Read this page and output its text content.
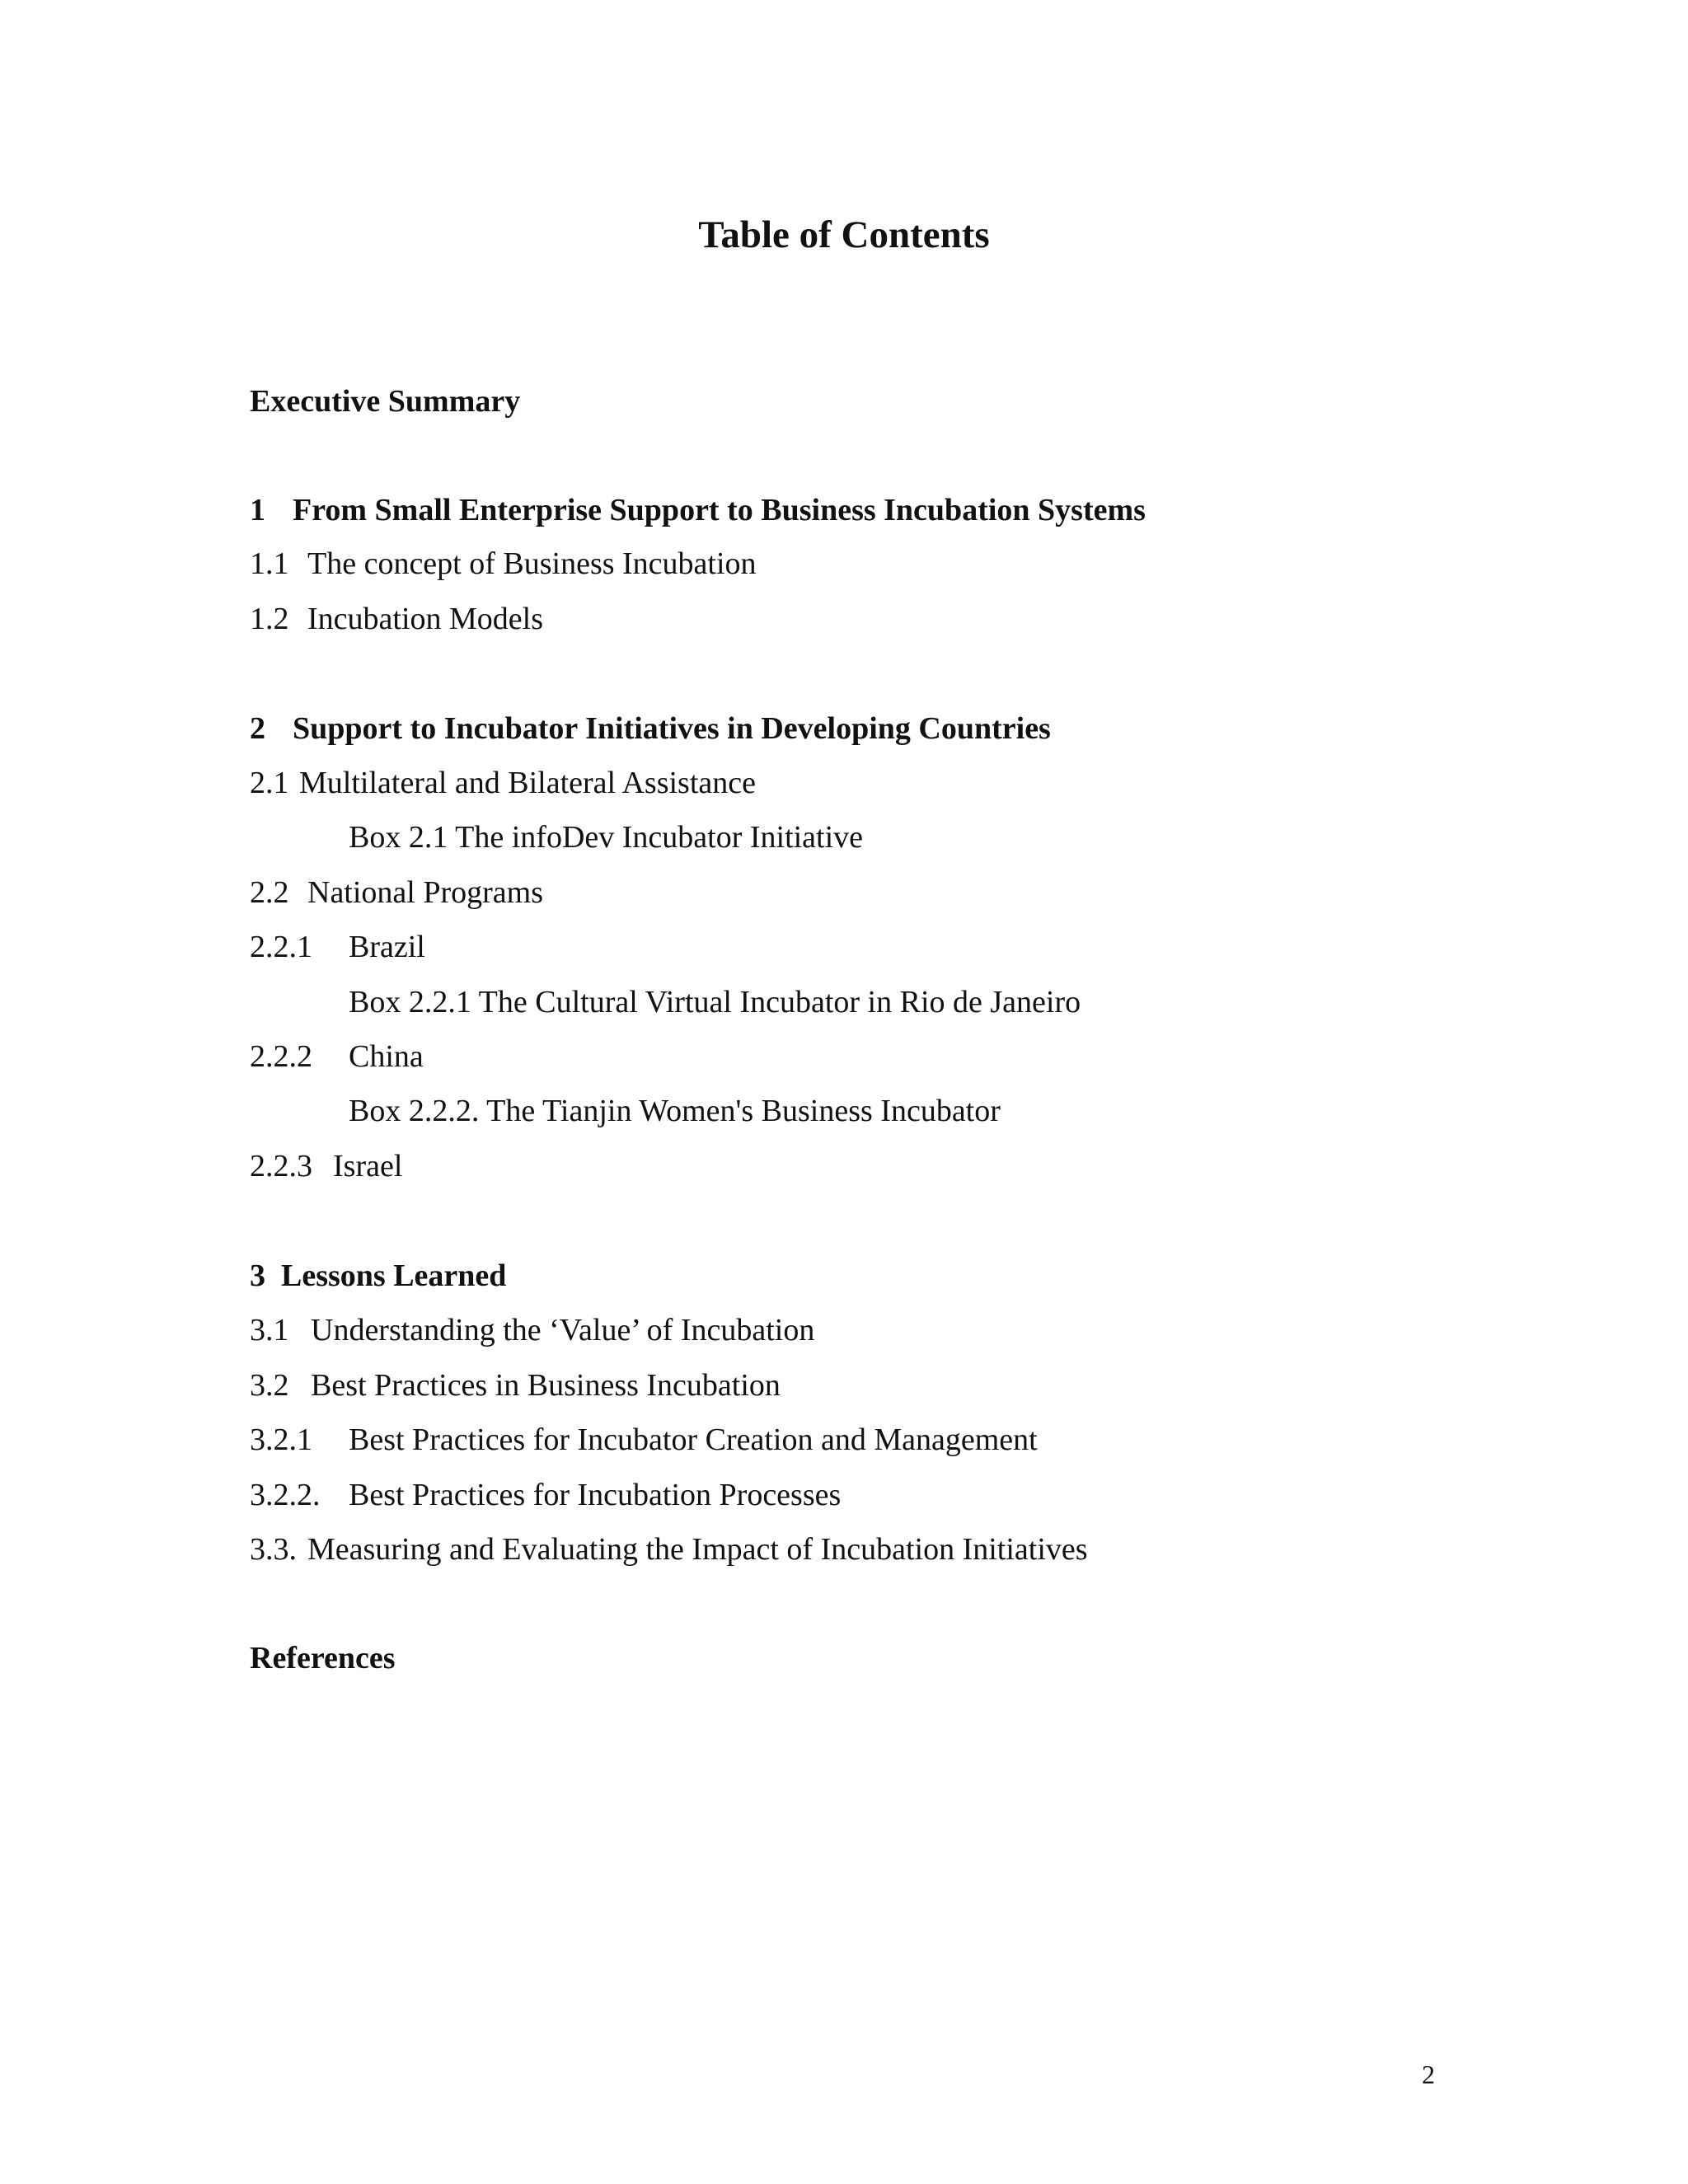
Table of Contents
Executive Summary
1 From Small Enterprise Support to Business Incubation Systems
1.1 The concept of Business Incubation
1.2 Incubation Models
2 Support to Incubator Initiatives in Developing Countries
2.1 Multilateral and Bilateral Assistance
Box 2.1 The infoDev Incubator Initiative
2.2 National Programs
2.2.1 Brazil
Box 2.2.1 The Cultural Virtual Incubator in Rio de Janeiro
2.2.2 China
Box 2.2.2. The Tianjin Women's Business Incubator
2.2.3 Israel
3 Lessons Learned
3.1 Understanding the ‘Value’ of Incubation
3.2 Best Practices in Business Incubation
3.2.1 Best Practices for Incubator Creation and Management
3.2.2. Best Practices for Incubation Processes
3.3. Measuring and Evaluating the Impact of Incubation Initiatives
References
2
